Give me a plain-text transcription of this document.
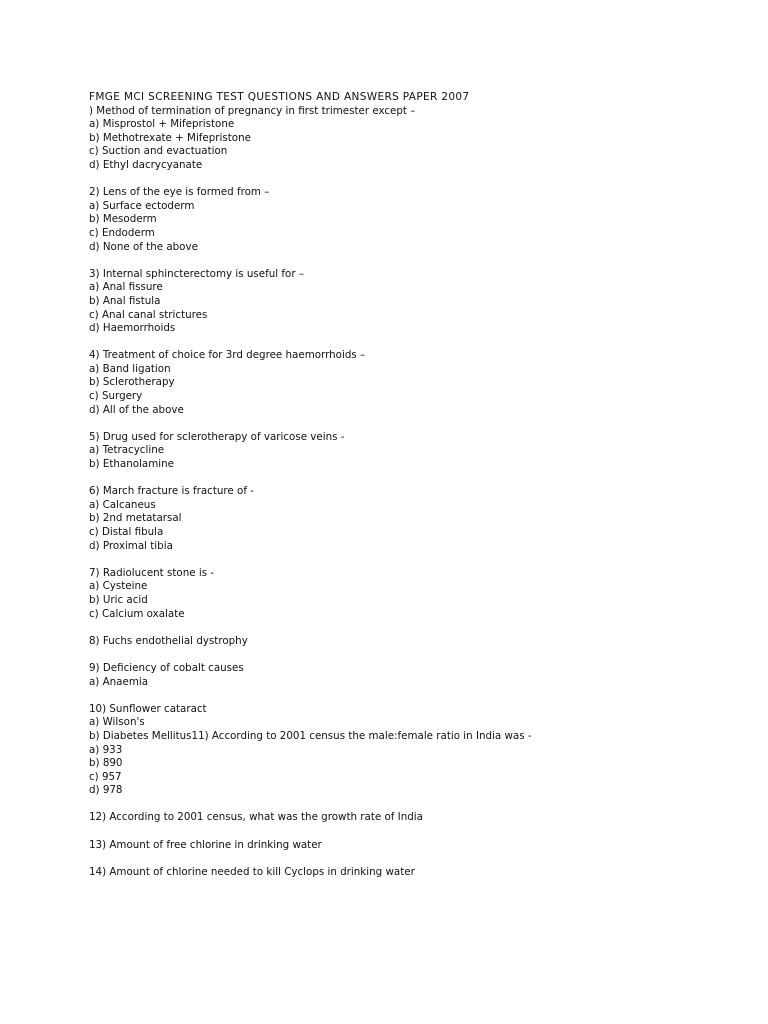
FMGE MCI SCREENING TEST QUESTIONS AND ANSWERS PAPER 2007
) Method of termination of pregnancy in first trimester except –
a) Misprostol + Mifepristone
b) Methotrexate + Mifepristone
c) Suction and evactuation
d) Ethyl dacrycyanate
2) Lens of the eye is formed from –
a) Surface ectoderm
b) Mesoderm
c) Endoderm
d) None of the above
3) Internal sphincterectomy is useful for –
a) Anal fissure
b) Anal fistula
c) Anal canal strictures
d) Haemorrhoids
4) Treatment of choice for 3rd degree haemorrhoids –
a) Band ligation
b) Sclerotherapy
c) Surgery
d) All of the above
5) Drug used for sclerotherapy of varicose veins -
a) Tetracycline
b) Ethanolamine
6) March fracture is fracture of -
a) Calcaneus
b) 2nd metatarsal
c) Distal fibula
d) Proximal tibia
7) Radiolucent stone is -
a) Cysteine
b) Uric acid
c) Calcium oxalate
8) Fuchs endothelial dystrophy
9) Deficiency of cobalt causes
a) Anaemia
10) Sunflower cataract
a) Wilson's
b) Diabetes Mellitus11) According to 2001 census the male:female ratio in India was -
a) 933
b) 890
c) 957
d) 978
12) According to 2001 census, what was the growth rate of India
13) Amount of free chlorine in drinking water
14) Amount of chlorine needed to kill Cyclops in drinking water
